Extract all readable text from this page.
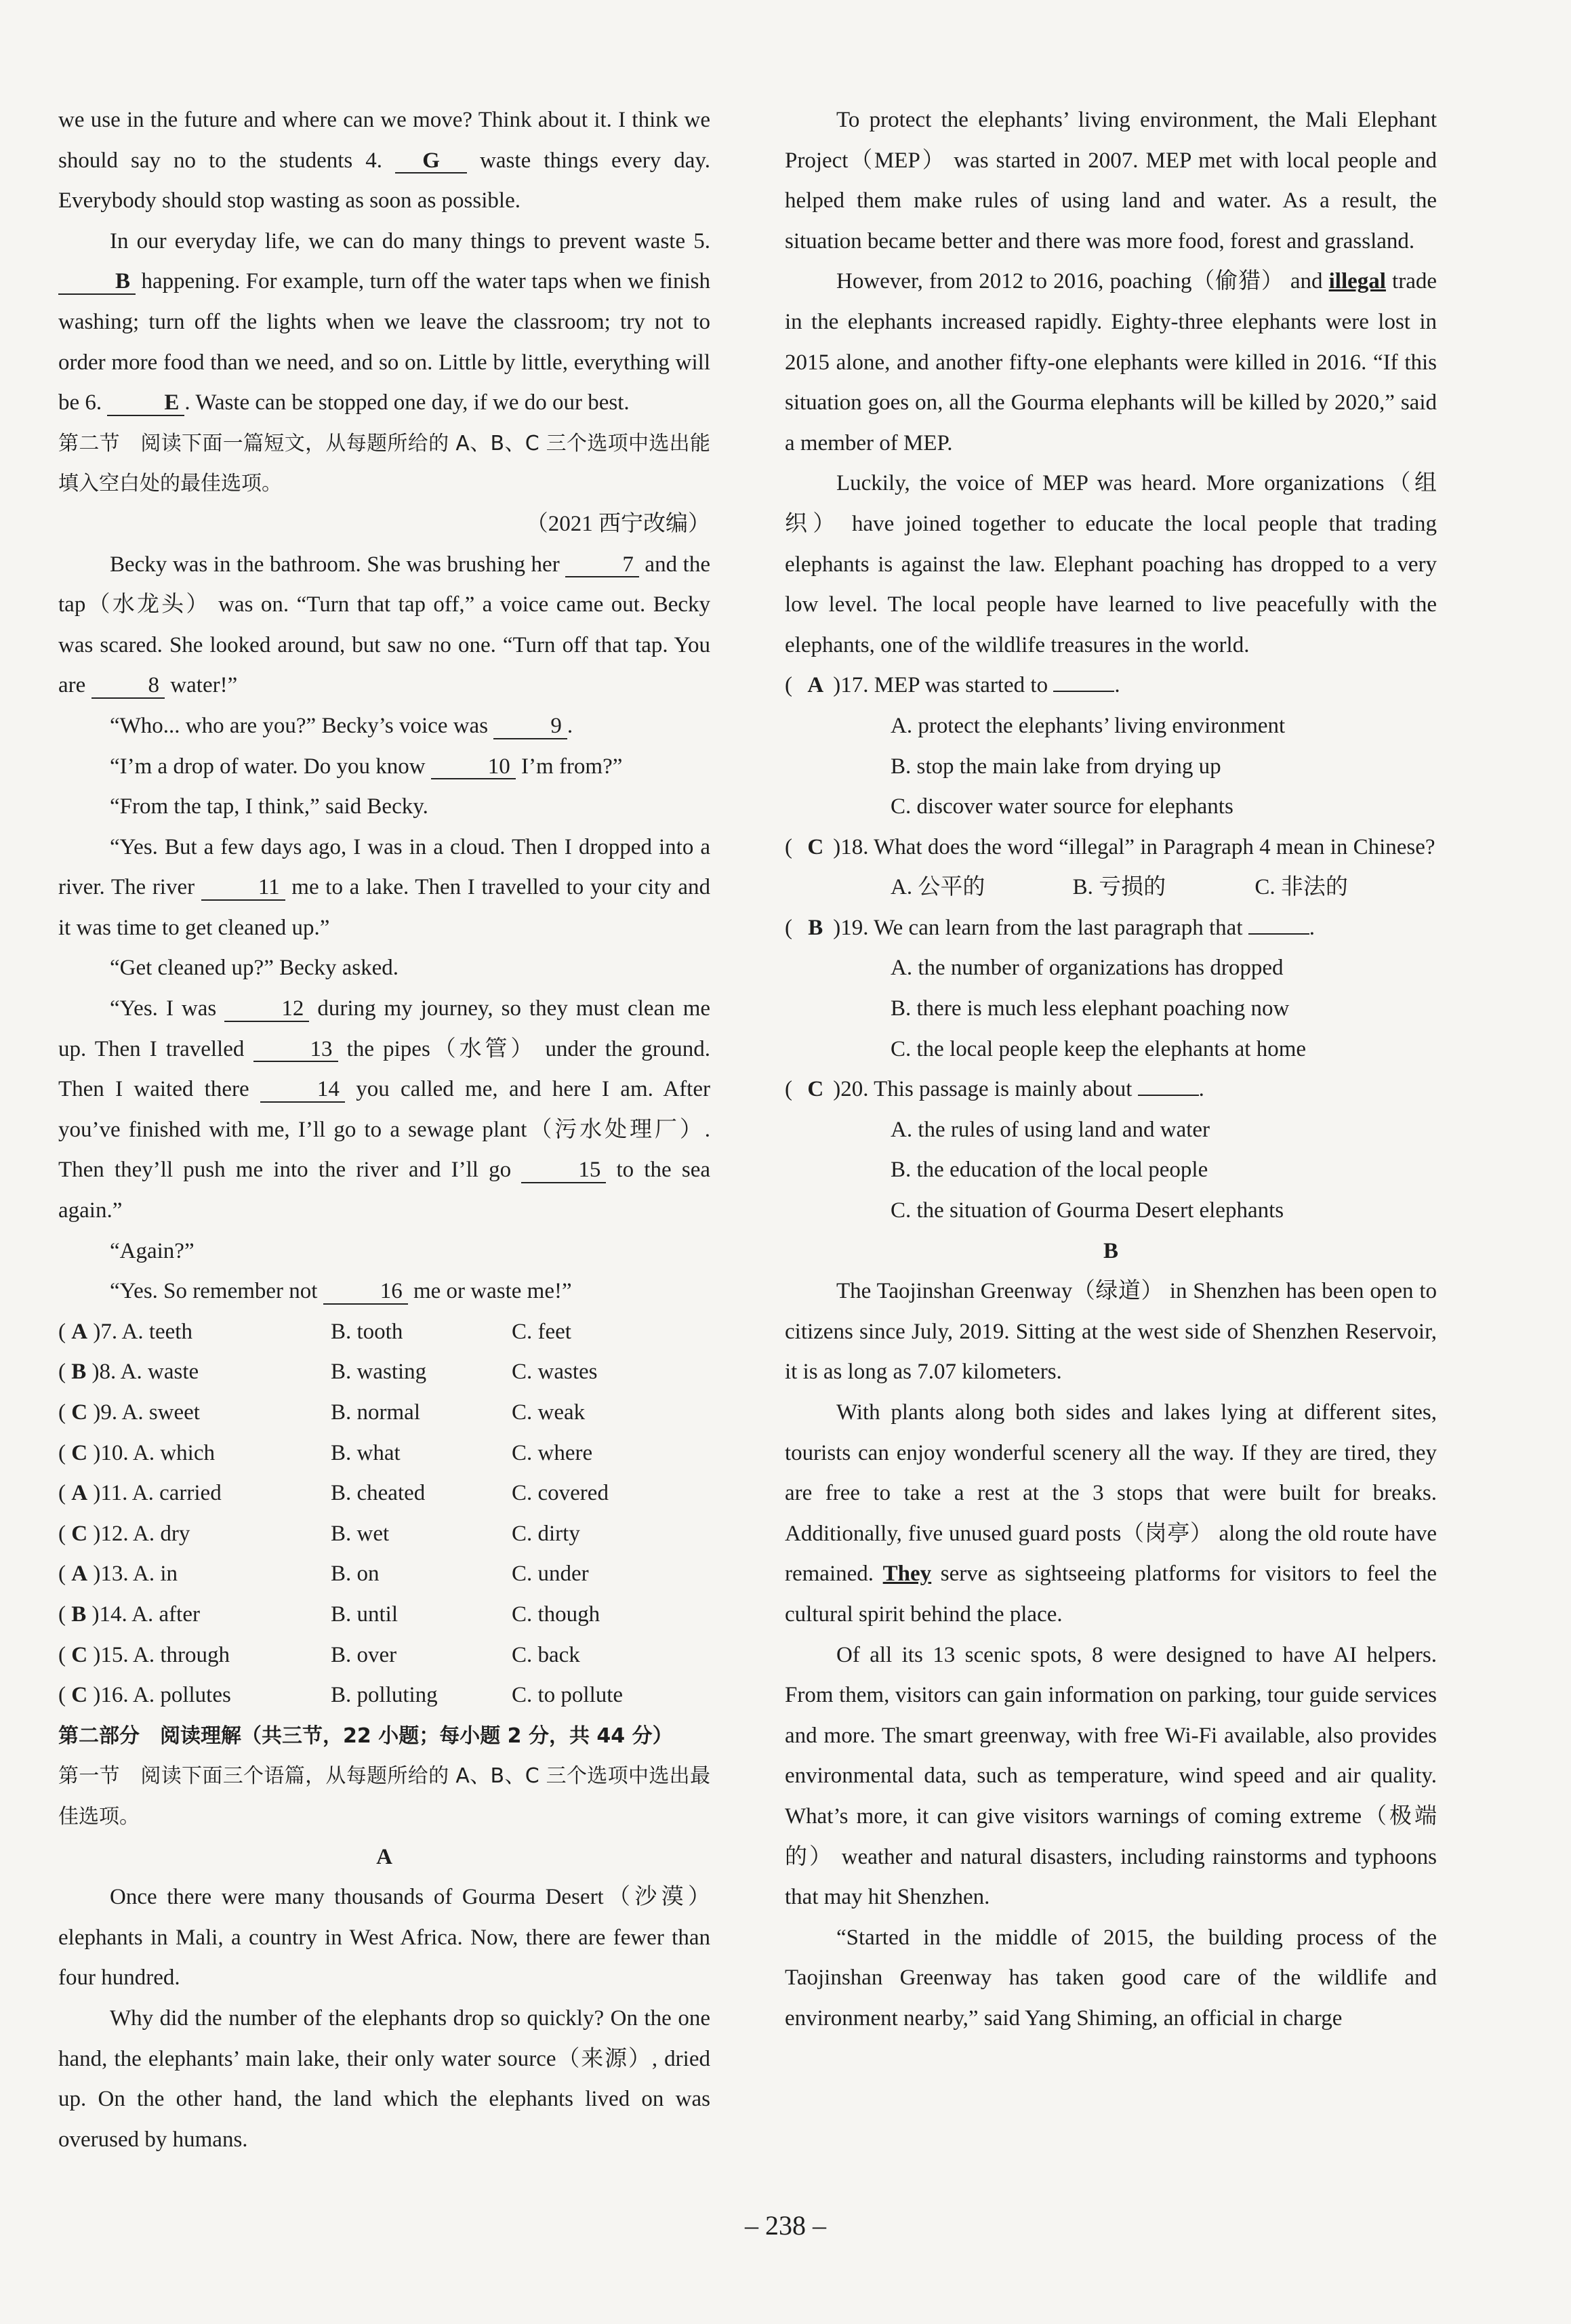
we use in the future and where can we move? Think about it. I think we should say no to the students 4. G waste things every day. Everybody should stop wasting as soon as possible.

In our everyday life, we can do many things to prevent waste 5. B happening. For example, turn off the water taps when we finish washing; turn off the lights when we leave the classroom; try not to order more food than we need, and so on. Little by little, everything will be 6.	E . Waste can be stopped one day, if we do our best.

第二节　阅读下面一篇短文，从每题所给的 A、B、C 三个选项中选出能填入空白处的最佳选项。

（2021 西宁改编）

Becky was in the bathroom. She was brushing her	7 and the tap（水龙头） was on. “Turn that tap off,” a voice came out. Becky was scared. She looked around, but saw no one. “Turn off that tap. You are	8 water!”

“Who... who are you?” Becky’s voice was	9 .

“I’m a drop of water. Do you know	10 I’m from?”

“From the tap, I think,” said Becky.

“Yes. But a few days ago, I was in a cloud. Then I dropped into a river. The river	11 me to a lake. Then I travelled to your city and it was time to get cleaned up.”

“Get cleaned up?” Becky asked.

“Yes. I was	12 during my journey, so they must clean me up. Then I travelled	13 the pipes（水管） under the ground. Then I waited there	14 you called me, and here I am. After you’ve finished with me, I’ll go to a sewage plant（污水处理厂）. Then they’ll push me into the river and I’ll go	15 to the sea again.”

“Again?”

“Yes. So remember not	16 me or waste me!”

( A )7. A. teeth	B. tooth	C. feet
( B )8. A. waste	B. wasting	C. wastes
( C )9. A. sweet	B. normal	C. weak
( C )10. A. which	B. what	C. where
( A )11. A. carried	B. cheated	C. covered
( C )12. A. dry	B. wet	C. dirty
( A )13. A. in	B. on	C. under
( B )14. A. after	B. until	C. though
( C )15. A. through	B. over	C. back
( C )16. A. pollutes	B. polluting	C. to pollute

第二部分　阅读理解（共三节，22 小题；每小题 2 分，共 44 分）

第一节　阅读下面三个语篇，从每题所给的 A、B、C 三个选项中选出最佳选项。

A

Once there were many thousands of Gourma Desert（沙漠） elephants in Mali, a country in West Africa. Now, there are fewer than four hundred.

Why did the number of the elephants drop so quickly? On the one hand, the elephants’ main lake, their only water source（来源）, dried up. On the other hand, the land which the elephants lived on was overused by humans.

To protect the elephants’ living environment, the Mali Elephant Project（MEP） was started in 2007. MEP met with local people and helped them make rules of using land and water. As a result, the situation became better and there was more food, forest and grassland.

However, from 2012 to 2016, poaching（偷猎） and illegal trade in the elephants increased rapidly. Eighty-three elephants were lost in 2015 alone, and another fifty-one elephants were killed in 2016. “If this situation goes on, all the Gourma elephants will be killed by 2020,” said a member of MEP.

Luckily, the voice of MEP was heard. More organizations（组织） have joined together to educate the local people that trading elephants is against the law. Elephant poaching has dropped to a very low level. The local people have learned to live peacefully with the elephants, one of the wildlife treasures in the world.

( A )17. MEP was started to	.
A. protect the elephants’ living environment
B. stop the main lake from drying up
C. discover water source for elephants
( C )18. What does the word “illegal” in Paragraph 4 mean in Chinese?
A. 公平的	B. 亏损的	C. 非法的
( B )19. We can learn from the last paragraph that	.
A. the number of organizations has dropped
B. there is much less elephant poaching now
C. the local people keep the elephants at home
( C )20. This passage is mainly about	.
A. the rules of using land and water
B. the education of the local people
C. the situation of Gourma Desert elephants

B

The Taojinshan Greenway（绿道） in Shenzhen has been open to citizens since July, 2019. Sitting at the west side of Shenzhen Reservoir, it is as long as 7.07 kilometers.

With plants along both sides and lakes lying at different sites, tourists can enjoy wonderful scenery all the way. If they are tired, they are free to take a rest at the 3 stops that were built for breaks. Additionally, five unused guard posts（岗亭） along the old route have remained. They serve as sightseeing platforms for visitors to feel the cultural spirit behind the place.

Of all its 13 scenic spots, 8 were designed to have AI helpers. From them, visitors can gain information on parking, tour guide services and more. The smart greenway, with free Wi-Fi available, also provides environmental data, such as temperature, wind speed and air quality. What’s more, it can give visitors warnings of coming extreme（极端的） weather and natural disasters, including rainstorms and typhoons that may hit Shenzhen.

“Started in the middle of 2015, the building process of the Taojinshan Greenway has taken good care of the wildlife and environment nearby,” said Yang Shiming, an official in charge

– 238 –
